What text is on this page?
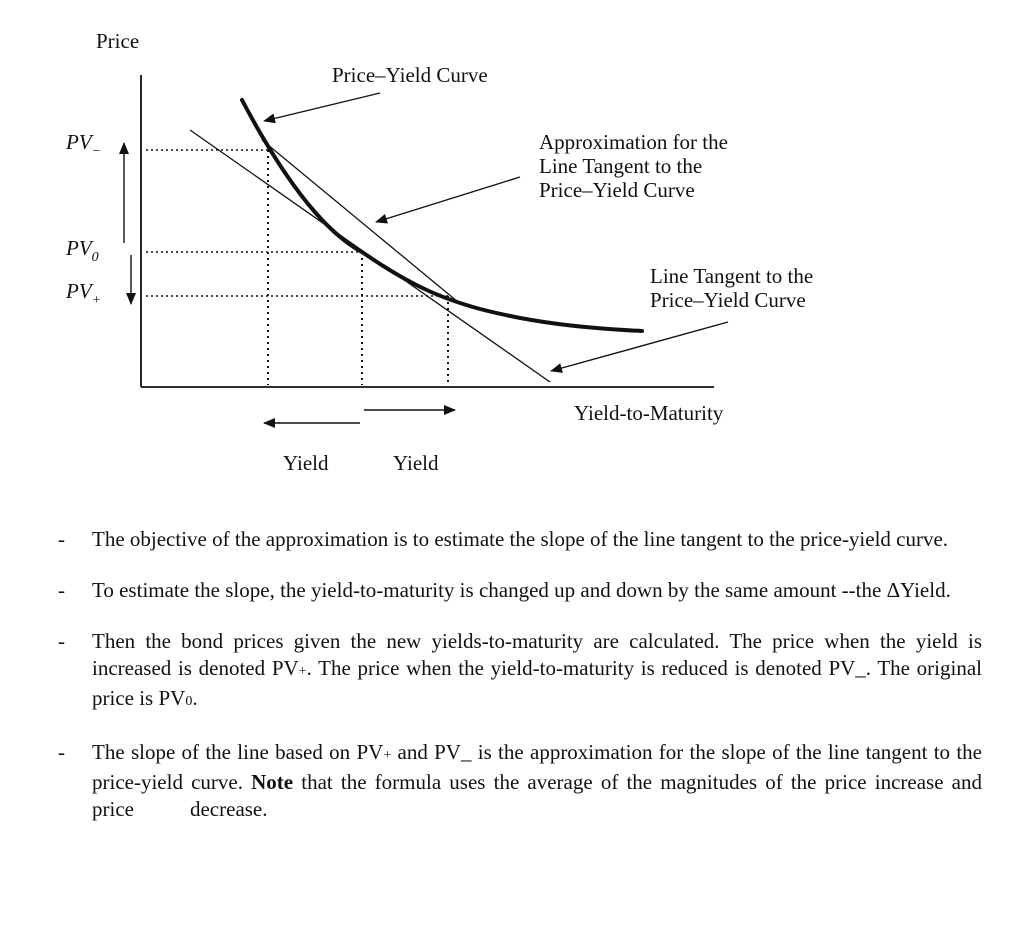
Price
Yield-to-Maturity
$PV_-$
$PV_0$
$PV_+$
Price–Yield Curve
Approximation for the Line Tangent to the Price–Yield Curve
Line Tangent to the Price–Yield Curve
Yield	Yield
- The objective of the approximation is to estimate the slope of the line tangent to the price-yield curve.
- To estimate the slope, the yield-to-maturity is changed up and down by the same amount --the ΔYield.
- Then the bond prices given the new yields-to-maturity are calculated. The price when the yield is increased is denoted PV+. The price when the yield-to-maturity is reduced is denoted PV_. The original price is PV0.
- The slope of the line based on PV+ and PV_ is the approximation for the slope of the line tangent to the price-yield curve. Note that the formula uses the average of the magnitudes of the price increase and price	decrease.
